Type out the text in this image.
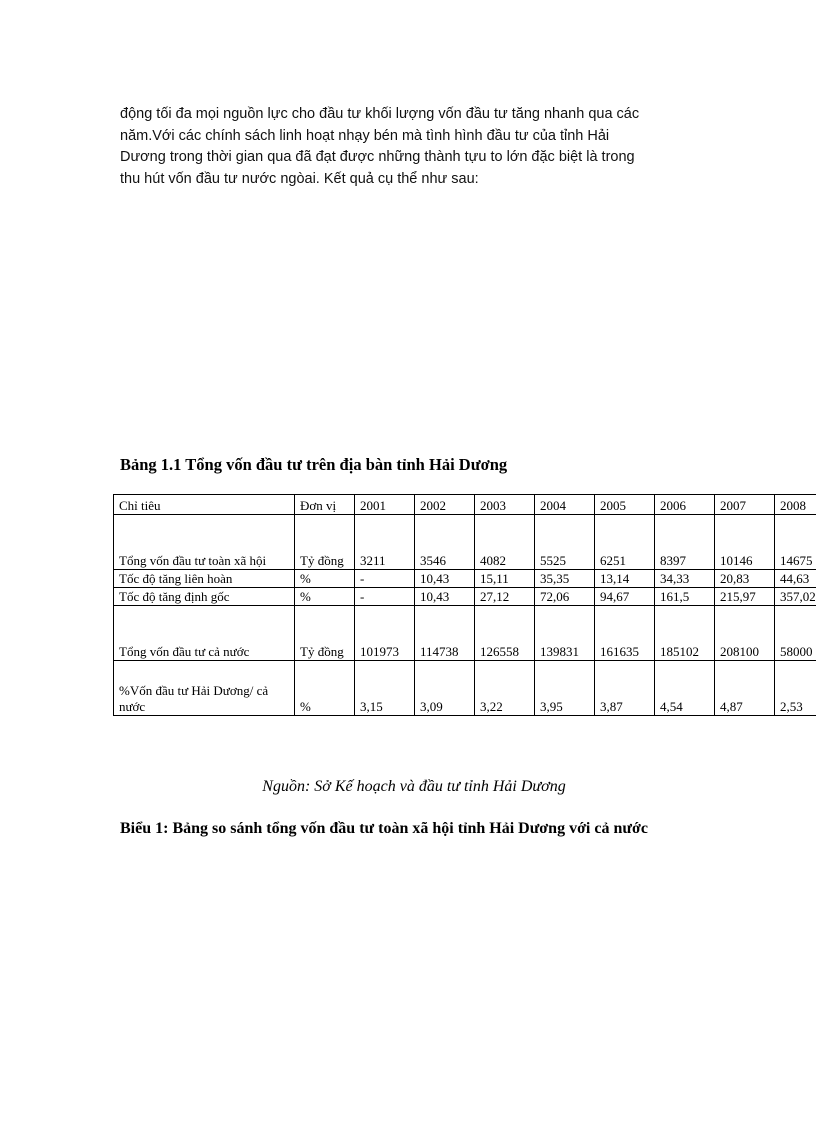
động tối đa mọi nguồn lực cho đầu tư khối lượng vốn đầu tư tăng nhanh qua các
năm.Với các chính sách linh hoạt nhạy bén mà tình hình đầu tư của tỉnh Hải
Dương trong thời gian qua đã đạt được những thành tựu to lớn đặc biệt là trong
thu hút vốn đầu tư nước ngòai. Kết quả cụ thể như sau:
Bảng 1.1 Tổng vốn đầu tư trên địa bàn tỉnh Hải Dương
Chỉ tiêu	Đơn vị	2001	2002	2003	2004	2005	2006	2007	2008
Tổng vốn đầu tư toàn xã hội	Tỷ đồng	3211	3546	4082	5525	6251	8397	10146	14675
Tốc độ tăng liên hoàn	%	-	10,43	15,11	35,35	13,14	34,33	20,83	44,63
Tốc độ tăng định gốc	%	-	10,43	27,12	72,06	94,67	161,5	215,97	357,02
Tổng vốn đầu tư cả nước	Tỷ đồng	101973	114738	126558	139831	161635	185102	208100	58000
%Vốn đầu tư Hải Dương/ cả nước	%	3,15	3,09	3,22	3,95	3,87	4,54	4,87	2,53
Nguồn: Sở Kế hoạch và đầu tư tỉnh Hải Dương
Biểu 1: Bảng so sánh tổng vốn đầu tư toàn xã hội tỉnh Hải Dương với cả nước
